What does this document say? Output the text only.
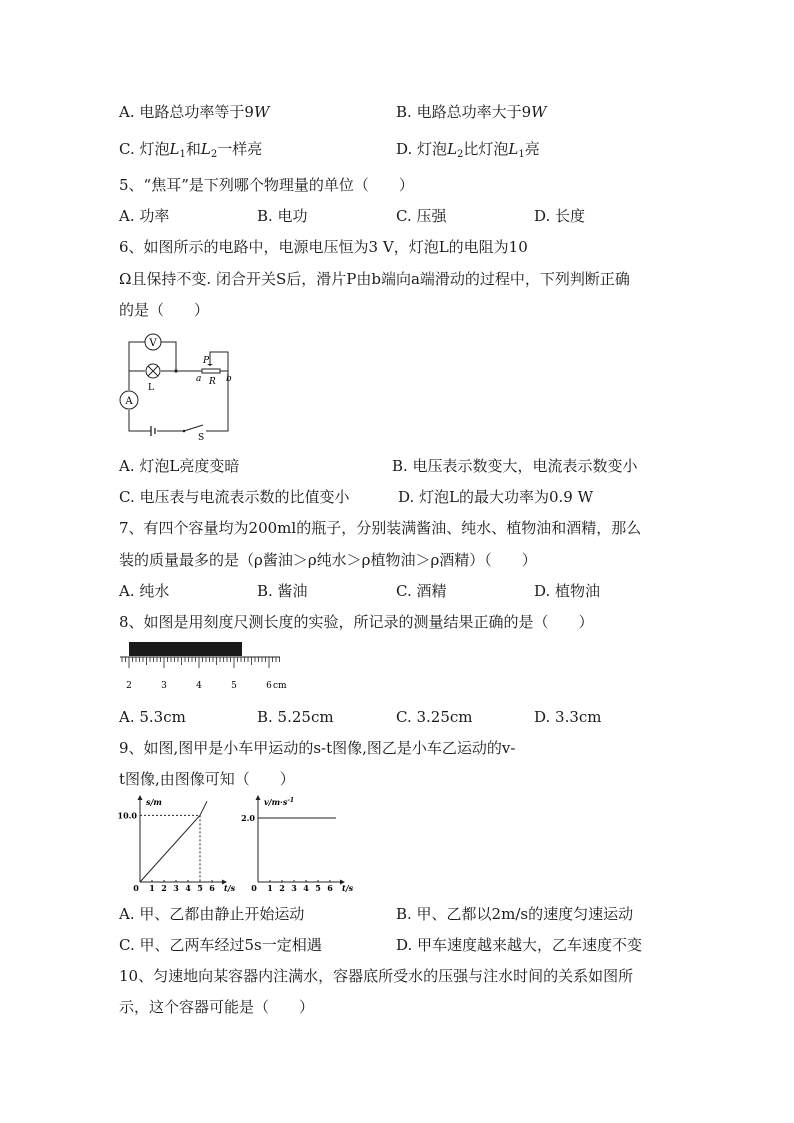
A. 电路总功率等于9W	B. 电路总功率大于9W
C. 灯泡$L_1$和$L_2$一样亮	D. 灯泡$L_2$比灯泡$L_1$亮
5、“焦耳”是下列哪个物理量的单位（　　）
A. 功率	B. 电功	C. 压强	D. 长度
6、如图所示的电路中，电源电压恒为3 V，灯泡L的电阻为10
Ω且保持不变. 闭合开关S后，滑片P由b端向a端滑动的过程中，下列判断正确
的是（　　）
V
L
A
P
a R b
S
A. 灯泡L亮度变暗	B. 电压表示数变大，电流表示数变小
C. 电压表与电流表示数的比值变小	D. 灯泡L的最大功率为0.9 W
7、有四个容量均为200ml的瓶子，分别装满酱油、纯水、植物油和酒精，那么
装的质量最多的是（ρ酱油＞ρ纯水＞ρ植物油＞ρ酒精）（　　）
A. 纯水	B. 酱油	C. 酒精	D. 植物油
8、如图是用刻度尺测长度的实验，所记录的测量结果正确的是（　　）
2	3	4	5	6 cm
A. 5.3cm	B. 5.25cm	C. 3.25cm	D. 3.3cm
9、如图,图甲是小车甲运动的s-t图像,图乙是小车乙运动的v-
t图像,由图像可知（　　）
0 1 2 3 4 5 6 t/s
s/m
10.0
0 1 2 3 4 5 6 t/s
$v/m\cdot s^{-1}$
2.0
A. 甲、乙都由静止开始运动	B. 甲、乙都以2m/s的速度匀速运动
C. 甲、乙两车经过5s一定相遇	D. 甲车速度越来越大，乙车速度不变
10、匀速地向某容器内注满水，容器底所受水的压强与注水时间的关系如图所
示，这个容器可能是（　　）
